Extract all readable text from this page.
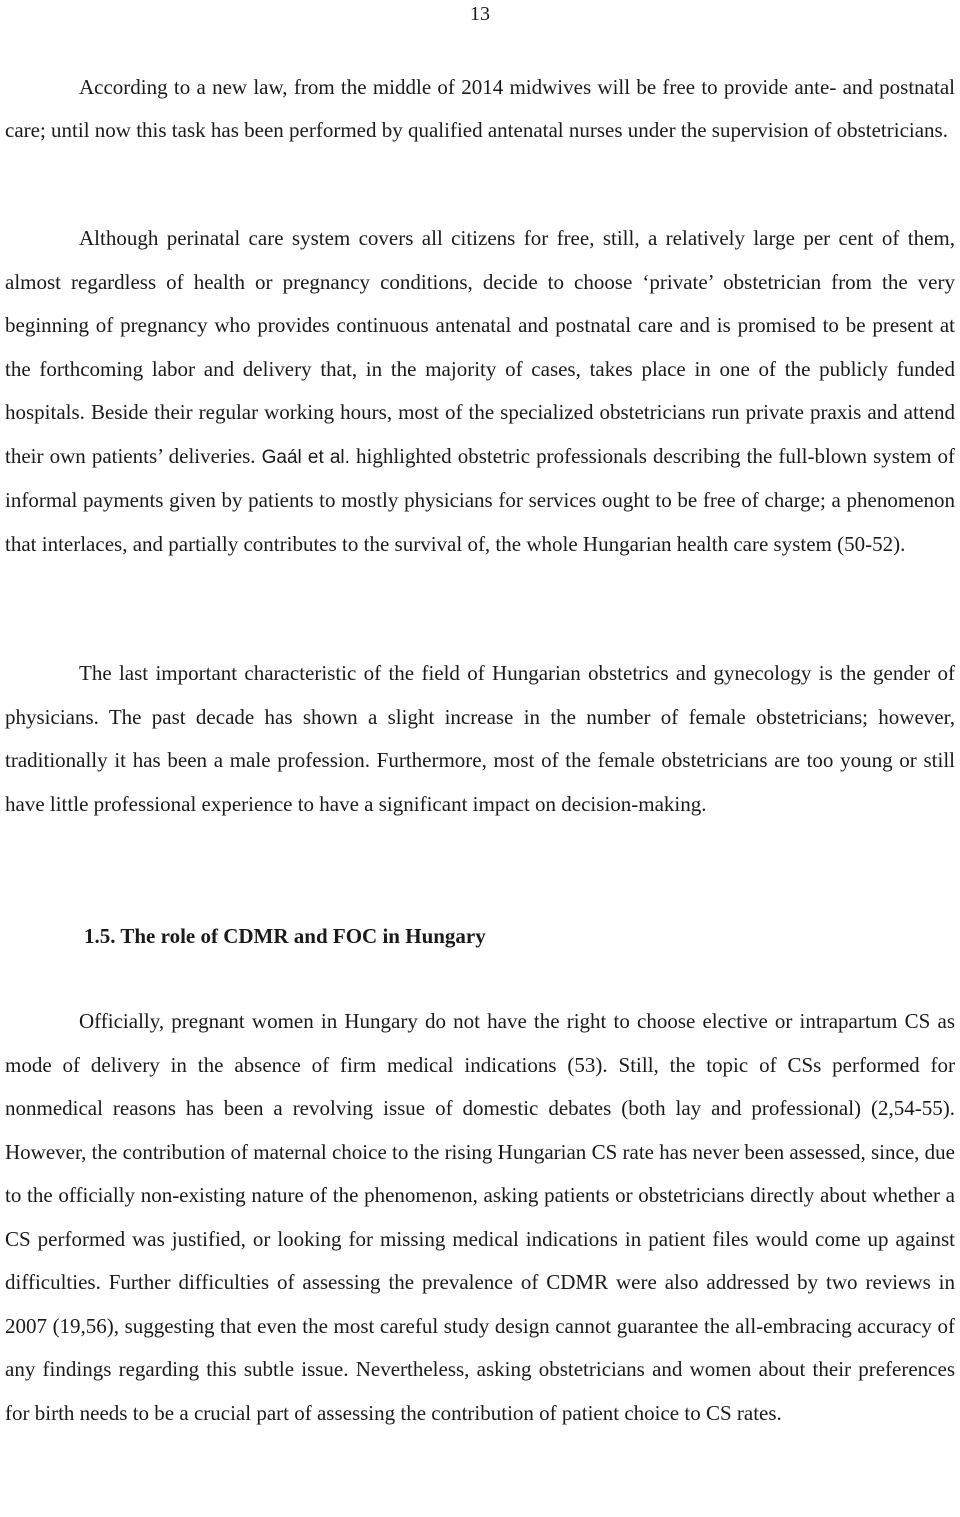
13

According to a new law, from the middle of 2014 midwives will be free to provide ante- and postnatal care; until now this task has been performed by qualified antenatal nurses under the supervision of obstetricians.

Although perinatal care system covers all citizens for free, still, a relatively large per cent of them, almost regardless of health or pregnancy conditions, decide to choose ‘private’ obstetrician from the very beginning of pregnancy who provides continuous antenatal and postnatal care and is promised to be present at the forthcoming labor and delivery that, in the majority of cases, takes place in one of the publicly funded hospitals. Beside their regular working hours, most of the specialized obstetricians run private praxis and attend their own patients’ deliveries. Gaál et al. highlighted obstetric professionals describing the full-blown system of informal payments given by patients to mostly physicians for services ought to be free of charge; a phenomenon that interlaces, and partially contributes to the survival of, the whole Hungarian health care system (50-52).

The last important characteristic of the field of Hungarian obstetrics and gynecology is the gender of physicians. The past decade has shown a slight increase in the number of female obstetricians; however, traditionally it has been a male profession. Furthermore, most of the female obstetricians are too young or still have little professional experience to have a significant impact on decision-making.

1.5. The role of CDMR and FOC in Hungary

Officially, pregnant women in Hungary do not have the right to choose elective or intrapartum CS as mode of delivery in the absence of firm medical indications (53). Still, the topic of CSs performed for nonmedical reasons has been a revolving issue of domestic debates (both lay and professional) (2,54-55). However, the contribution of maternal choice to the rising Hungarian CS rate has never been assessed, since, due to the officially non-existing nature of the phenomenon, asking patients or obstetricians directly about whether a CS performed was justified, or looking for missing medical indications in patient files would come up against difficulties. Further difficulties of assessing the prevalence of CDMR were also addressed by two reviews in 2007 (19,56), suggesting that even the most careful study design cannot guarantee the all-embracing accuracy of any findings regarding this subtle issue. Nevertheless, asking obstetricians and women about their preferences for birth needs to be a crucial part of assessing the contribution of patient choice to CS rates.
